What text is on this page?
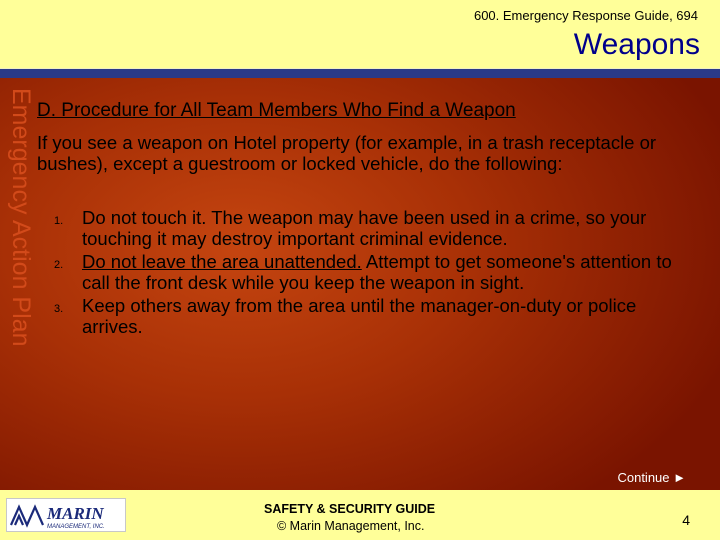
600. Emergency Response Guide, 694
Weapons
Emergency Action Plan D. Procedure for All Team Members Who Find a Weapon

If you see a weapon on Hotel property (for example, in a trash receptacle or bushes), except a guestroom or locked vehicle, do the following:

1. Do not touch it. The weapon may have been used in a crime, so your touching it may destroy important criminal evidence.
2. Do not leave the area unattended. Attempt to get someone's attention to call the front desk while you keep the weapon in sight.
3. Keep others away from the area until the manager-on-duty or police arrives.
Continue ►
MARIN
MANAGEMENT, INC.
SAFETY & SECURITY GUIDE
© Marin Management, Inc.	4
